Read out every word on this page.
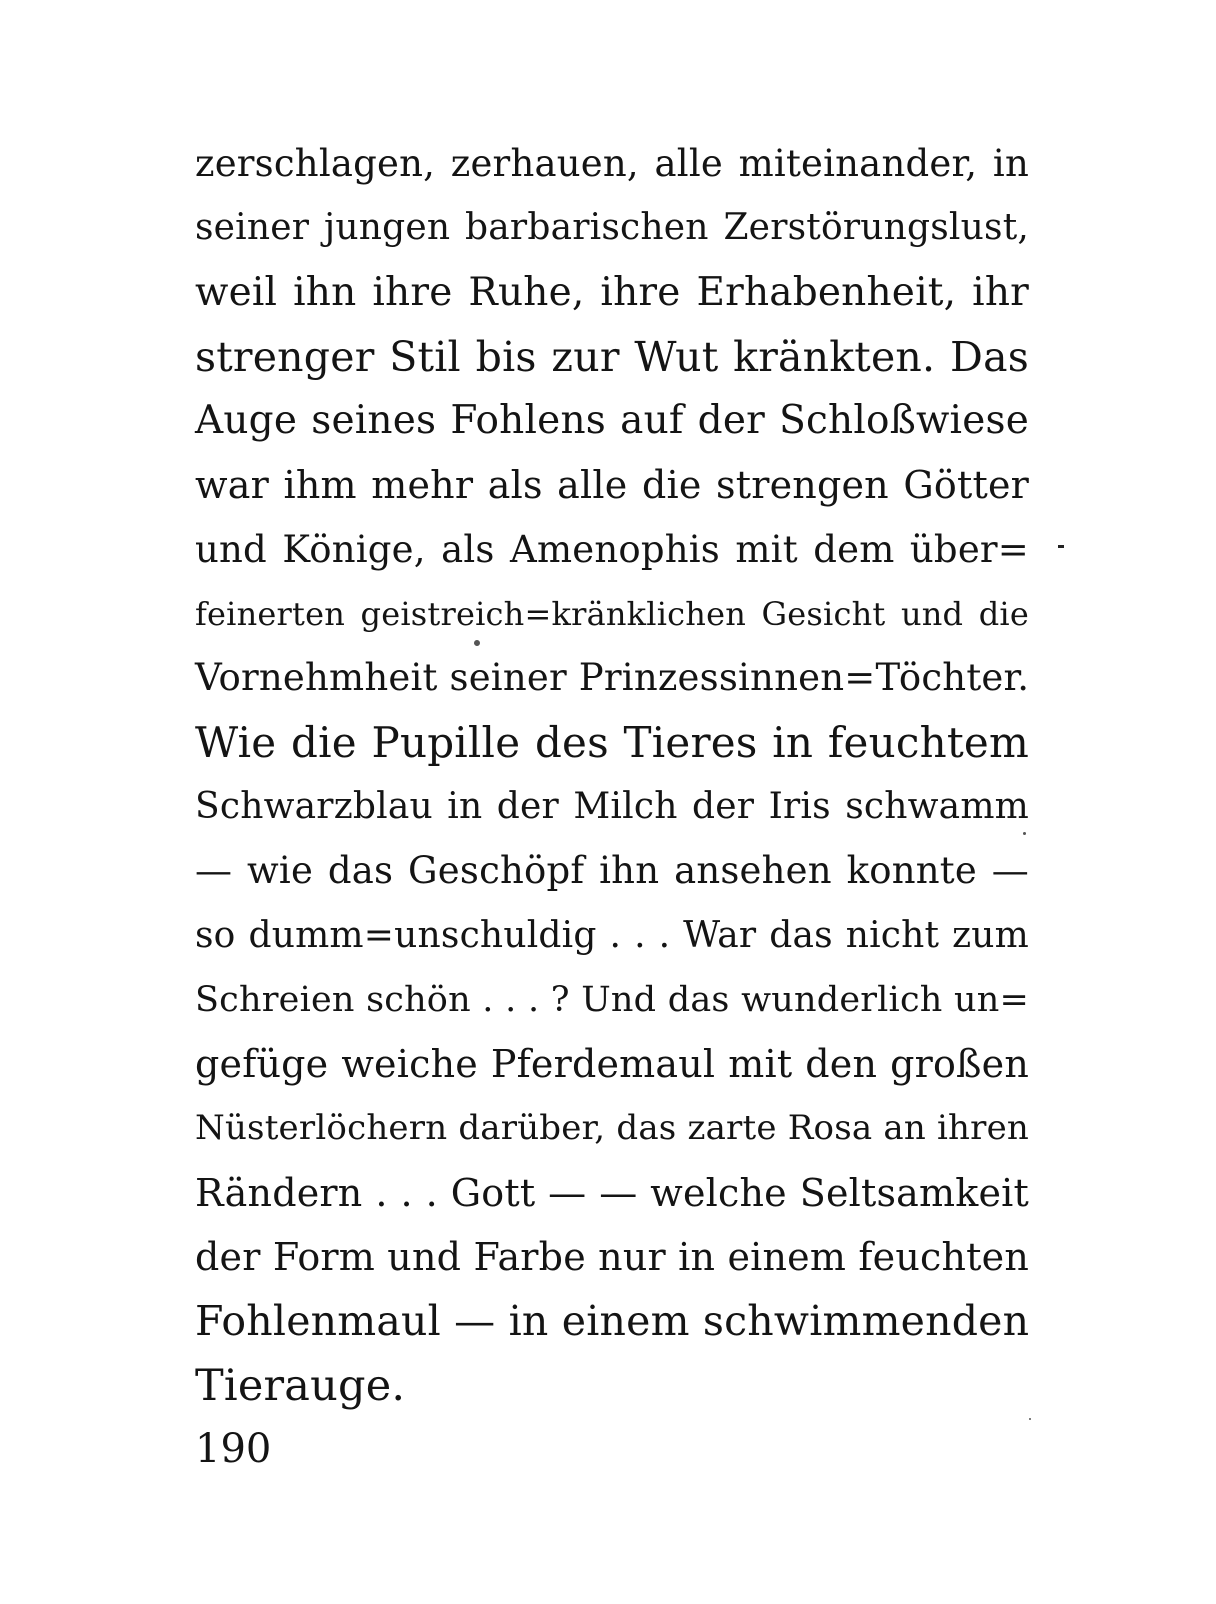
zerschlagen, zerhauen, alle miteinander, in
seiner jungen barbarischen Zerstörungslust,
weil ihn ihre Ruhe, ihre Erhabenheit, ihr
strenger Stil bis zur Wut kränkten. Das
Auge seines Fohlens auf der Schloßwiese
war ihm mehr als alle die strengen Götter
und Könige, als Amenophis mit dem über=
feinerten geistreich=kränklichen Gesicht und die
Vornehmheit seiner Prinzessinnen=Töchter.
Wie die Pupille des Tieres in feuchtem
Schwarzblau in der Milch der Iris schwamm
— wie das Geschöpf ihn ansehen konnte —
so dumm=unschuldig . . . War das nicht zum
Schreien schön . . . ? Und das wunderlich un=
gefüge weiche Pferdemaul mit den großen
Nüsterlöchern darüber, das zarte Rosa an ihren
Rändern . . . Gott — — welche Seltsamkeit
der Form und Farbe nur in einem feuchten
Fohlenmaul — in einem schwimmenden
Tierauge.
190
